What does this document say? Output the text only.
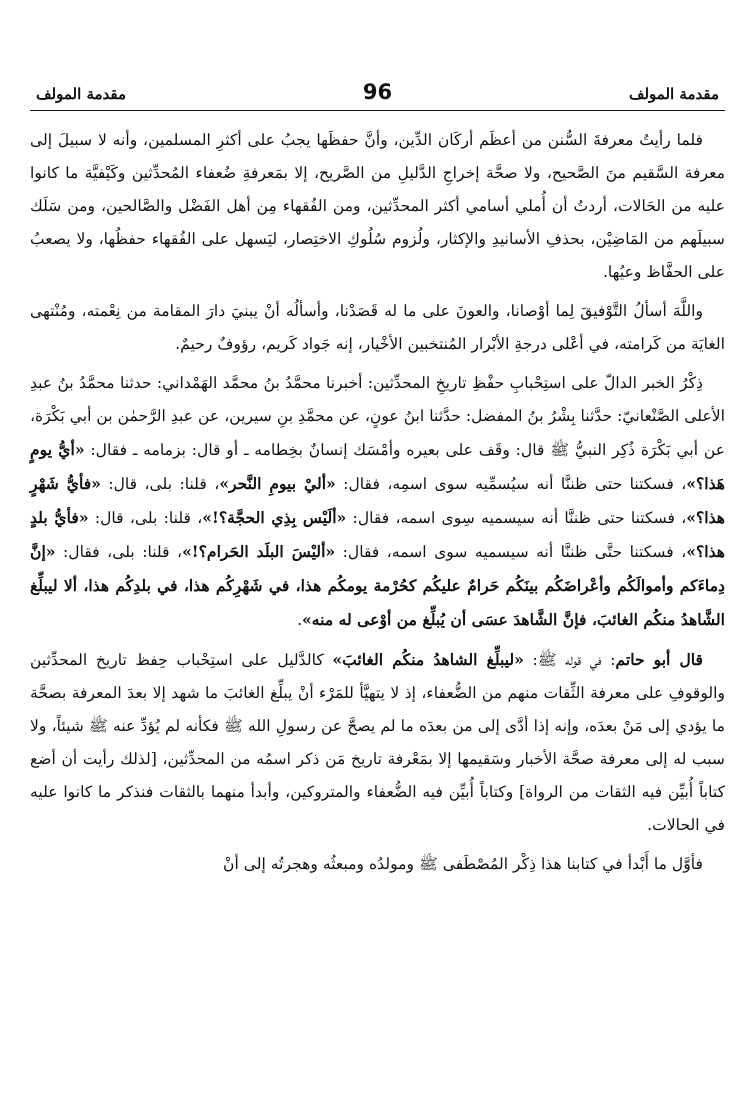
مقدمة المولف	96	مقدمة المولف

فلما رأيتُ معرفةَ السُّنن من أعظَم أركَان الدِّين، وأنَّ حفظَها يجبُ على أكثرِ المسلمين، وأنه لا سبيلَ إلى معرفة السَّقيم منَ الصَّحيح، ولا صحَّة إخراجِ الدَّليلِ من الصَّريح، إلا بمَعرفةِ ضُعفاء المُحدِّثين وكَيْفيَّة ما كانوا عليه من الحَالات، أردتُ أن أُملي أسامي أكثر المحدِّثين، ومن الفُقهاء مِن أهل الفَضْل والصَّالحين، ومن سَلَك سبيلَهم من المَاضِيْن، بحذفِ الأسانيدِ والإكثار، ولُزوم سُلُوكِ الاختِصار، ليَسهل على الفُقهاء حفظُها، ولا يصعبُ على الحفَّاظ وعيُها.

واللَّهَ أسألُ التَّوْفيقَ لِما أوْصانا، والعونَ على ما له قَصَدْنا، وأسألُه أنْ يبنيَ دارَ المقامة من نِعْمته، ومُنْتهى الغايَة من كَرامته، في أعْلى درجةِ الأبْرار المُنتخبين الأخْيار، إنه جَواد كَريم، رؤوفٌ رحيمٌ.

ذِكْرُ الخبر الدالّ على استِحْبابِ حفْظِ تاريخِ المحدِّثين: أخبرنا محمَّدُ بنُ محمَّد الهَمْداني: حدثنا محمَّدُ بنُ عبدِ الأعلى الصَّنْعانيّ: حدَّثنا بِشْرُ بنُ المفضل: حدَّثنا ابنُ عونٍ، عن محمَّدِ بنِ سيرين، عن عبدِ الرَّحمٰن بن أبي بَكْرَة، عن أبي بَكْرَة ذُكِر النبيُّ ﷺ قال: وقَف على بعيره وأمْسَك إنسانٌ بخِطامه ـ أو قال: بزمامه ـ فقال: «أيُّ يومٍ هَذا؟»، فسكتنا حتى ظننَّا أنه سيُسمِّيه سوى اسمِه، فقال: «أليْ بيومِ النَّحر»، قلنا: بلى، قال: «فأيُّ شَهْرٍ هذا؟»، فسكتنا حتى ظننَّا أنه سيسميه سِوى اسمه، فقال: «ألَيْس بِذِي الحجَّة؟!»، قلنا: بلى، قال: «فأيُّ بلدٍ هذا؟»، فسكتنا حتَّى ظننَّا أنه سيسميه سوى اسمه، فقال: «أليْسَ البلَد الحَرام؟!»، قلنا: بلى، فقال: «إنَّ دِماءَكم وأموالَكُم وأعْراضَكُم بينَكُم حَرامٌ عليكُم كحُرْمة يومكُم هذا، في شَهْرِكُم هذا، في بلدِكُم هذا، ألا ليبلِّغ الشَّاهدُ منكُم الغائبَ، فإنَّ الشَّاهدَ عسَى أن يُبلِّغ من أوْعى له منه».

قال أبو حاتم: في قوله ﷺ: «ليبلِّغ الشاهدُ منكُم الغائبَ» كالدَّليل على استِحْباب حِفظ تاريخ المحدِّثين والوقوفِ على معرفة الثِّقات منهم من الضُّعفاء، إذ لا يتهيَّأ للمَرْء أنْ يبلِّغ الغائبَ ما شهد إلا بعدَ المعرفة بصحَّة ما يؤدي إلى مَنْ بعدَه، وإنه إذا أدَّى إلى من بعدَه ما لم يصحَّ عن رسولِ الله ﷺ فكأنه لم يُؤدِّ عنه ﷺ شيئاً، ولا سبب له إلى معرفة صحَّة الأخبار وسَقيمها إلا بمَعْرفة تاريخ مَن ذكر اسمُه من المحدِّثين، [لذلك رأيت أن أضع كتاباً أُبيِّن فيه الثقات من الرواة] وكتاباً أُبيِّن فيه الضُّعفاء والمتروكين، وأبدأ منهما بالثقات فنذكر ما كانوا عليه في الحالات.

فأوَّل ما أَبْدأ في كتابنا هذا ذِكْر المُصْطَفى ﷺ ومولدُه ومبعثُه وهجرتُه إلى أنْ
